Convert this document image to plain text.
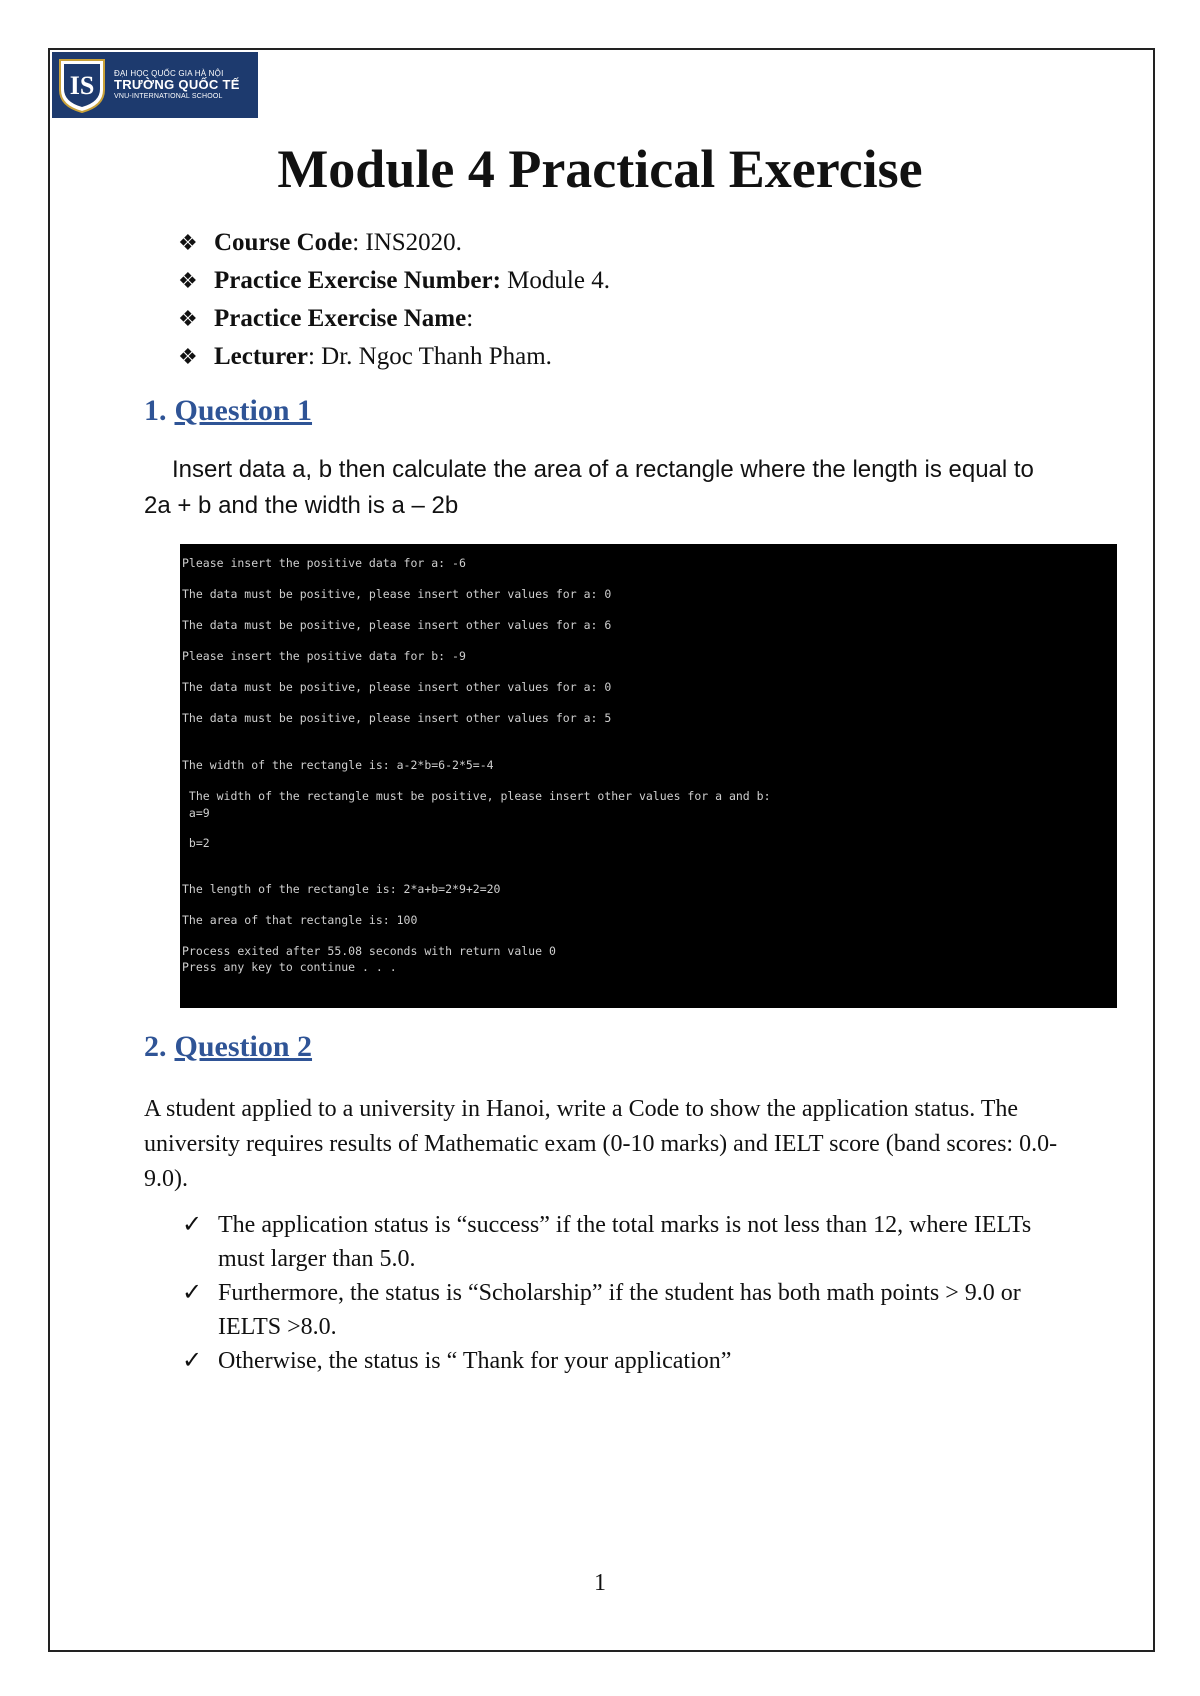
IS ĐẠI HỌC QUỐC GIA HÀ NỘI
TRƯỜNG QUỐC TẾ
VNU-INTERNATIONAL SCHOOL
Module 4 Practical Exercise
❖ Course Code : INS2020.
❖ Practice Exercise Number:
Module 4.
❖ Practice Exercise Name :
❖ Lecturer : Dr. Ngoc Thanh Pham.
1. Question 1

Insert data a, b then calculate the area of a rectangle where the length is equal to 2a + b and the width is a – 2b

Please insert the positive data for a: -6
The data must be positive, please insert other values for a: 0
The data must be positive, please insert other values for a: 6
Please insert the positive data for b: -9
The data must be positive, please insert other values for a: 0
The data must be positive, please insert other values for a: 5
The width of the rectangle is: a-2*b=6-2*5=-4
The width of the rectangle must be positive, please insert other values for a and b:
a=9
b=2
The length of the rectangle is: 2*a+b=2*9+2=20
The area of that rectangle is: 100
Process exited after 55.08 seconds with return value 0
Press any key to continue . . .
2. Question 2

A student applied to a university in Hanoi, write a Code to show the application status. The university requires results of Mathematic exam (0-10 marks) and IELT score (band scores: 0.0-9.0).

✓ The application status is “success” if the total marks is not less than 12, where IELTs must larger than 5.0.
✓ Furthermore, the status is “Scholarship” if the student has both math points > 9.0 or IELTS >8.0.
✓ Otherwise, the status is “ Thank for your application”
1
